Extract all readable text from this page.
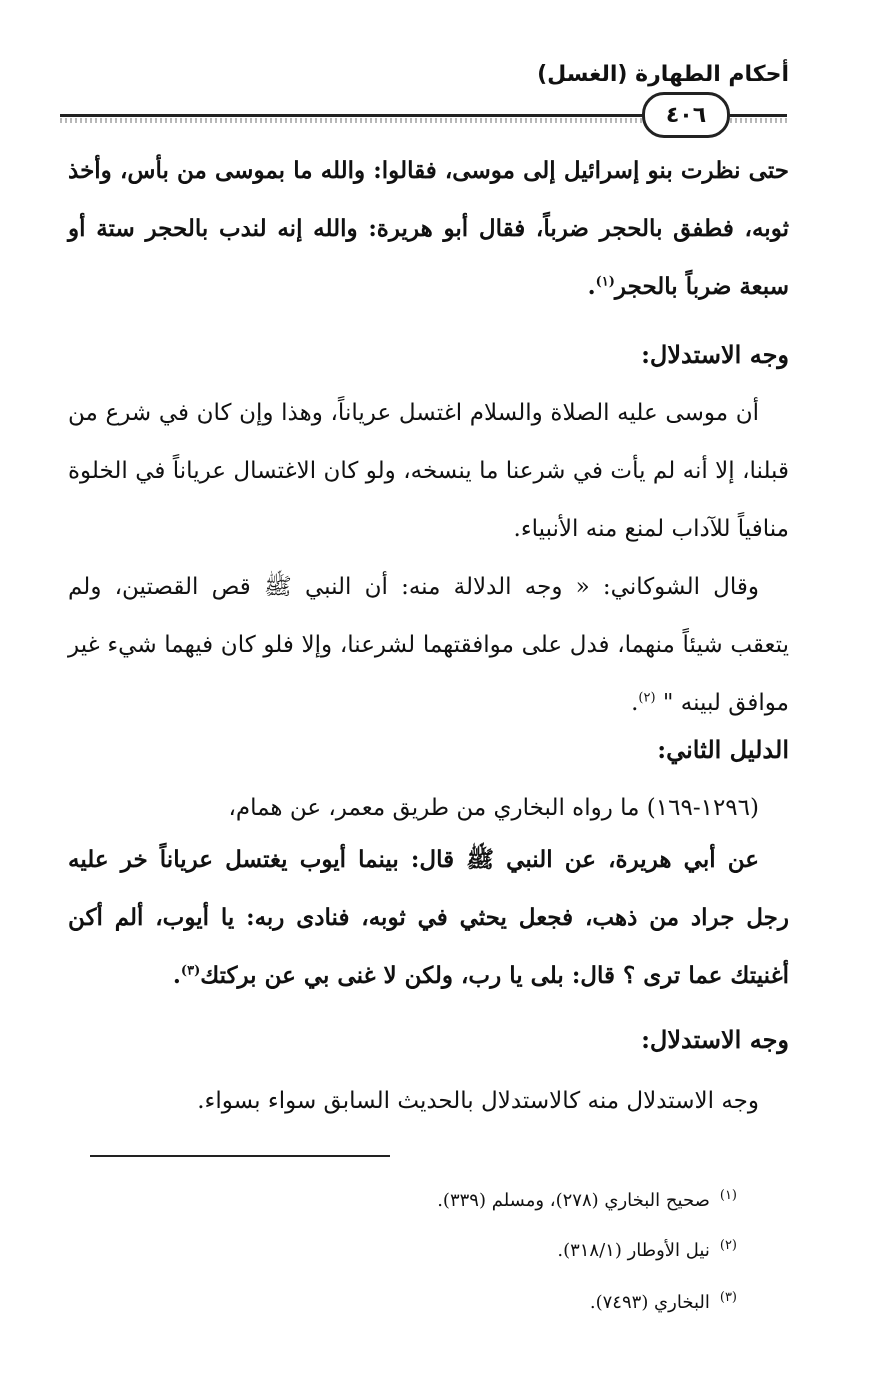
أحكام الطهارة (الغسل)
٤٠٦
حتى نظرت بنو إسرائيل إلى موسى، فقالوا: والله ما بموسى من بأس، وأخذ ثوبه، فطفق بالحجر ضرباً، فقال أبو هريرة: والله إنه لندب بالحجر ستة أو سبعة ضرباً بالحجر$^{(١)}$.
وجه الاستدلال:
أن موسى عليه الصلاة والسلام اغتسل عرياناً، وهذا وإن كان في شرع من قبلنا، إلا أنه لم يأت في شرعنا ما ينسخه، ولو كان الاغتسال عرياناً في الخلوة منافياً للآداب لمنع منه الأنبياء.
وقال الشوكاني: « وجه الدلالة منه: أن النبي ﷺ قص القصتين، ولم يتعقب شيئاً منهما، فدل على موافقتهما لشرعنا، وإلا فلو كان فيهما شيء غير موافق لبينه " $^{(٢)}$.
الدليل الثاني:
(١٢٩٦-١٦٩) ما رواه البخاري من طريق معمر، عن همام،
عن أبي هريرة، عن النبي ﷺ قال: بينما أيوب يغتسل عرياناً خر عليه رجل جراد من ذهب، فجعل يحثي في ثوبه، فنادى ربه: يا أيوب، ألم أكن أغنيتك عما ترى ؟ قال: بلى يا رب، ولكن لا غنى بي عن بركتك$^{(٣)}$.
وجه الاستدلال:
وجه الاستدلال منه كالاستدلال بالحديث السابق سواء بسواء.
$^{(١)}$صحيح البخاري (٢٧٨)، ومسلم (٣٣٩).
$^{(٢)}$نيل الأوطار (٣١٨/١).
$^{(٣)}$البخاري (٧٤٩٣).
